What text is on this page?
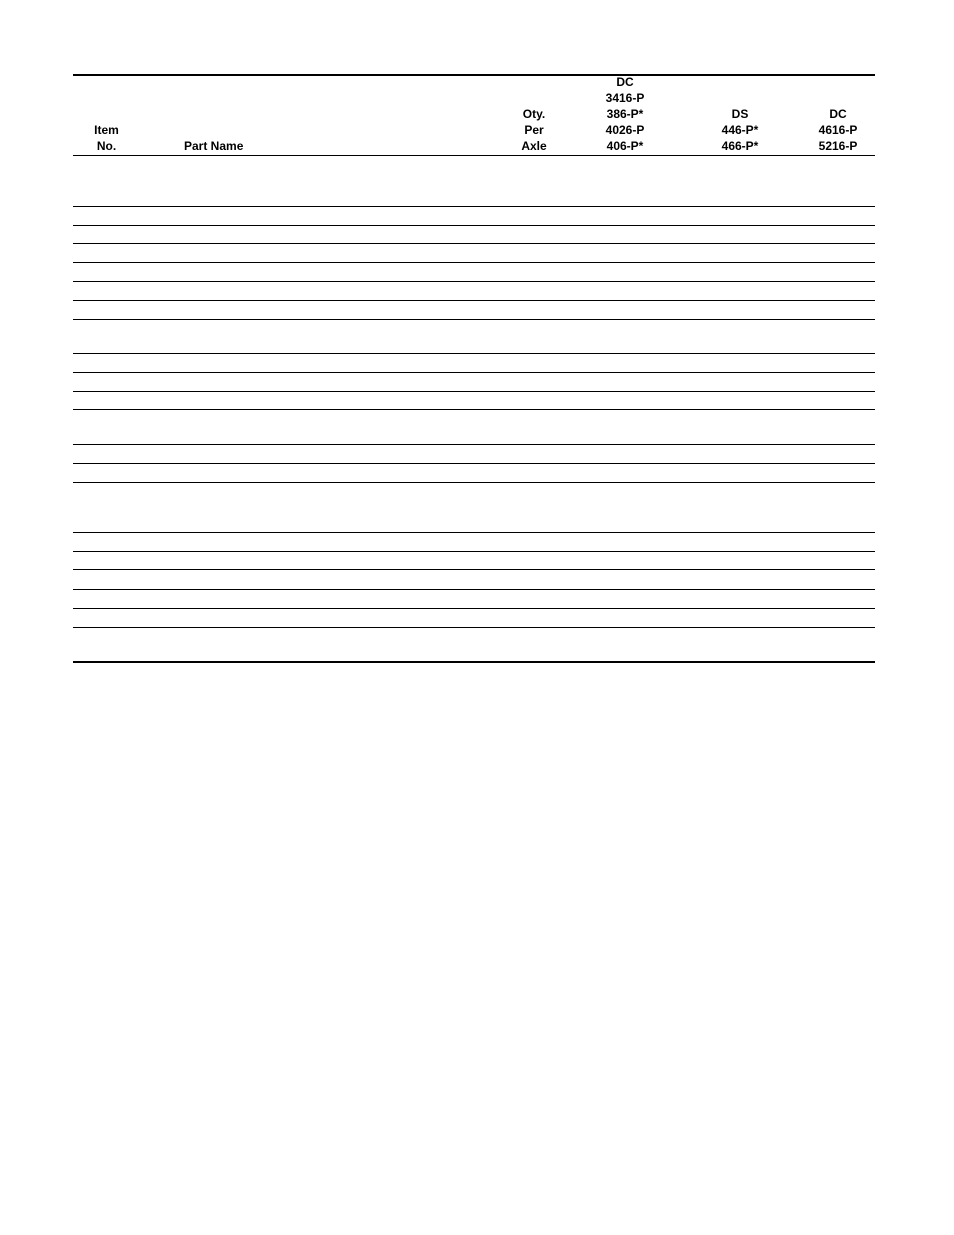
Item
No.	Part Name
Oty.
Per
Axle
DC
3416-P
386-P*
4026-P
406-P*
DS
446-P*
466-P*
DC
4616-P
5216-P
